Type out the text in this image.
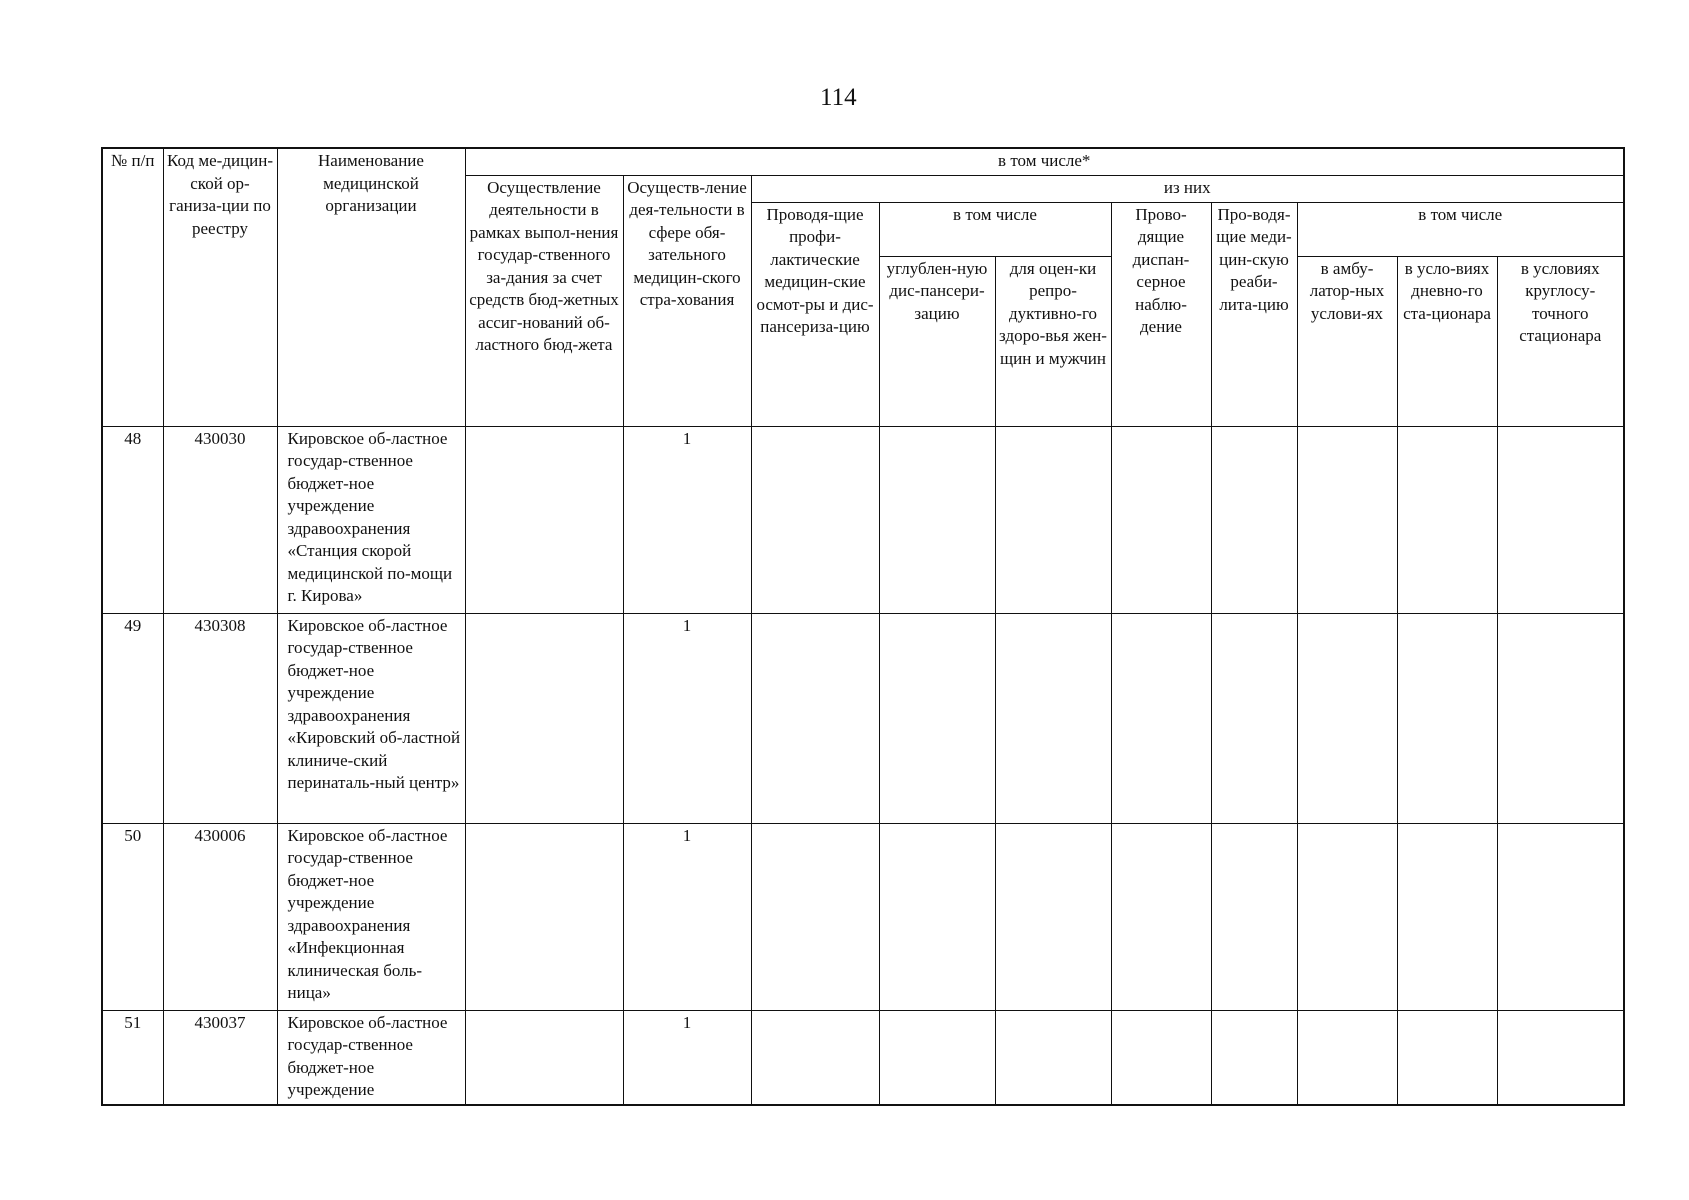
114
№ п/п	Код ме-дицин-ской ор-ганиза-ции по реестру	Наименование медицинской организации	в том числе*									
			Осуществление деятельности в рамках выпол-нения государ-ственного за-дания за счет средств бюд-жетных ассиг-нований об-ластного бюд-жета	Осуществ-ление дея-тельности в сфере обя-зательного медицин-ского стра-хования	из них							
					Проводя-щие профи-лактические медицин-ские осмот-ры и дис-пансериза-цию	в том числе		Прово-дящие диспан-серное наблю-дение	Про-водя-щие меди-цин-скую реаби-лита-цию	в том числе		
						углублен-ную дис-пансери-зацию	для оцен-ки репро-дуктивно-го здоро-вья жен-щин и мужчин			в амбу-латор-ных услови-ях	в усло-виях дневно-го ста-ционара	в условиях круглосу-точного стационара
48	430030	Кировское об-ластное государ-ственное бюджет-ное учреждение здравоохранения «Станция скорой медицинской по-мощи г. Кирова»		1								
49	430308	Кировское об-ластное государ-ственное бюджет-ное учреждение здравоохранения «Кировский об-ластной клиниче-ский перинаталь-ный центр»		1								
50	430006	Кировское об-ластное государ-ственное бюджет-ное учреждение здравоохранения «Инфекционная клиническая боль-ница»		1								
51	430037	Кировское об-ластное государ-ственное бюджет-ное учреждение		1								
